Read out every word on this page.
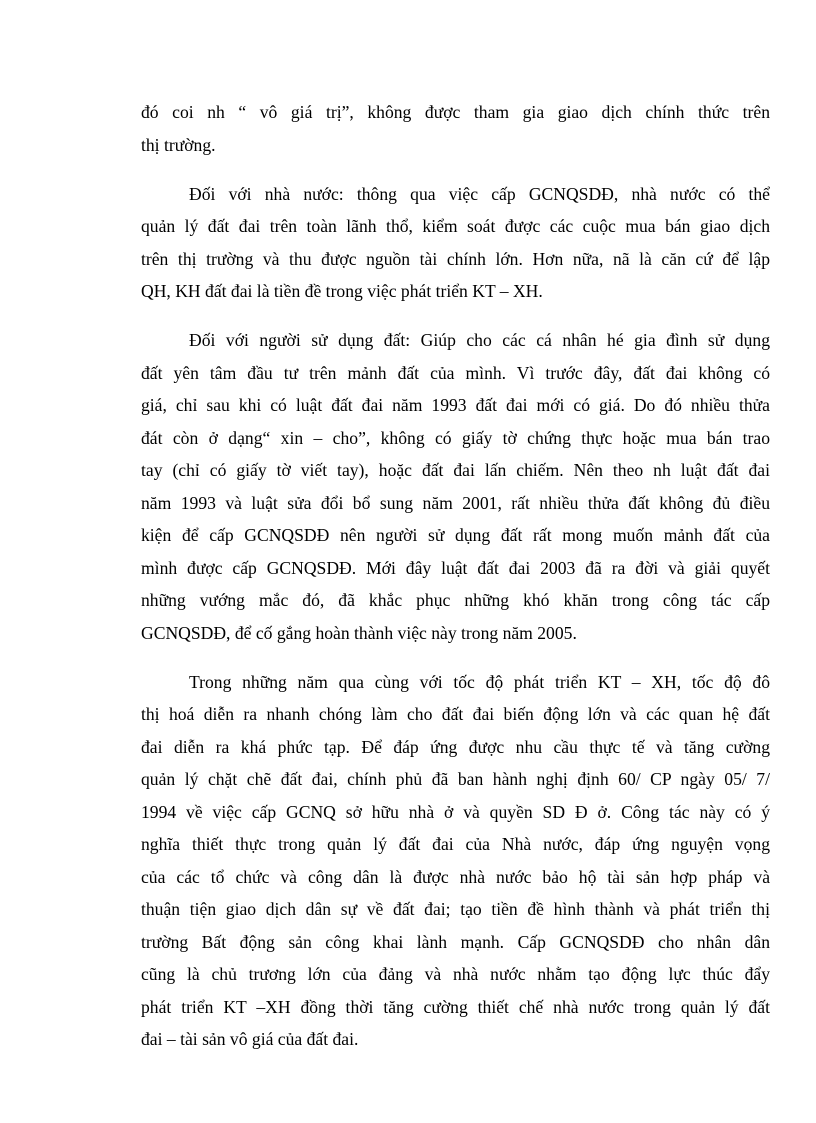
đó coi nh “ vô giá trị”, không được tham gia giao dịch chính thức trên
thị trường.

Đối với nhà nước: thông qua việc cấp GCNQSDĐ, nhà nước có thể
quản lý đất đai trên toàn lãnh thổ, kiểm soát được các cuộc mua bán giao dịch
trên thị trường và thu được nguồn tài chính lớn. Hơn nữa, nã là căn cứ để lập
QH, KH đất đai là tiền đề trong việc phát triển KT – XH.

Đối với người sử dụng đất: Giúp cho các cá nhân hé gia đình sử dụng
đất yên tâm đầu tư trên mảnh đất của mình. Vì trước đây, đất đai không có
giá, chỉ sau khi có luật đất đai năm 1993 đất đai mới có giá. Do đó nhiều thửa
đát còn ở dạng“ xin – cho”, không có giấy tờ chứng thực hoặc mua bán trao
tay (chỉ có giấy tờ viết tay), hoặc đất đai lấn chiếm. Nên theo nh luật đất đai
năm 1993 và luật sửa đổi bổ sung năm 2001, rất nhiều thửa đất không đủ điều
kiện để cấp GCNQSDĐ nên người sử dụng đất rất mong muốn mảnh đất của
mình được cấp GCNQSDĐ. Mới đây luật đất đai 2003 đã ra đời và giải quyết
những vướng mắc đó, đã khắc phục những khó khăn trong công tác cấp
GCNQSDĐ, để cố gắng hoàn thành việc này trong năm 2005.

Trong những năm qua cùng với tốc độ phát triển KT – XH, tốc độ đô
thị hoá diễn ra nhanh chóng làm cho đất đai biến động lớn và các quan hệ đất
đai diễn ra khá phức tạp. Để đáp ứng được nhu cầu thực tế và tăng cường
quản lý chặt chẽ đất đai, chính phủ đã ban hành nghị định 60/ CP ngày 05/ 7/
1994 về việc cấp GCNQ sở hữu nhà ở và quyền SD Đ ở. Công tác này có ý
nghĩa thiết thực trong quản lý đất đai của Nhà nước, đáp ứng nguyện vọng
của các tổ chức và công dân là được nhà nước bảo hộ tài sản hợp pháp và
thuận tiện giao dịch dân sự về đất đai; tạo tiền đề hình thành và phát triển thị
trường Bất động sản công khai lành mạnh. Cấp GCNQSDĐ cho nhân dân
cũng là chủ trương lớn của đảng và nhà nước nhằm tạo động lực thúc đẩy
phát triển KT –XH đồng thời tăng cường thiết chế nhà nước trong quản lý đất
đai – tài sản vô giá của đất đai.
